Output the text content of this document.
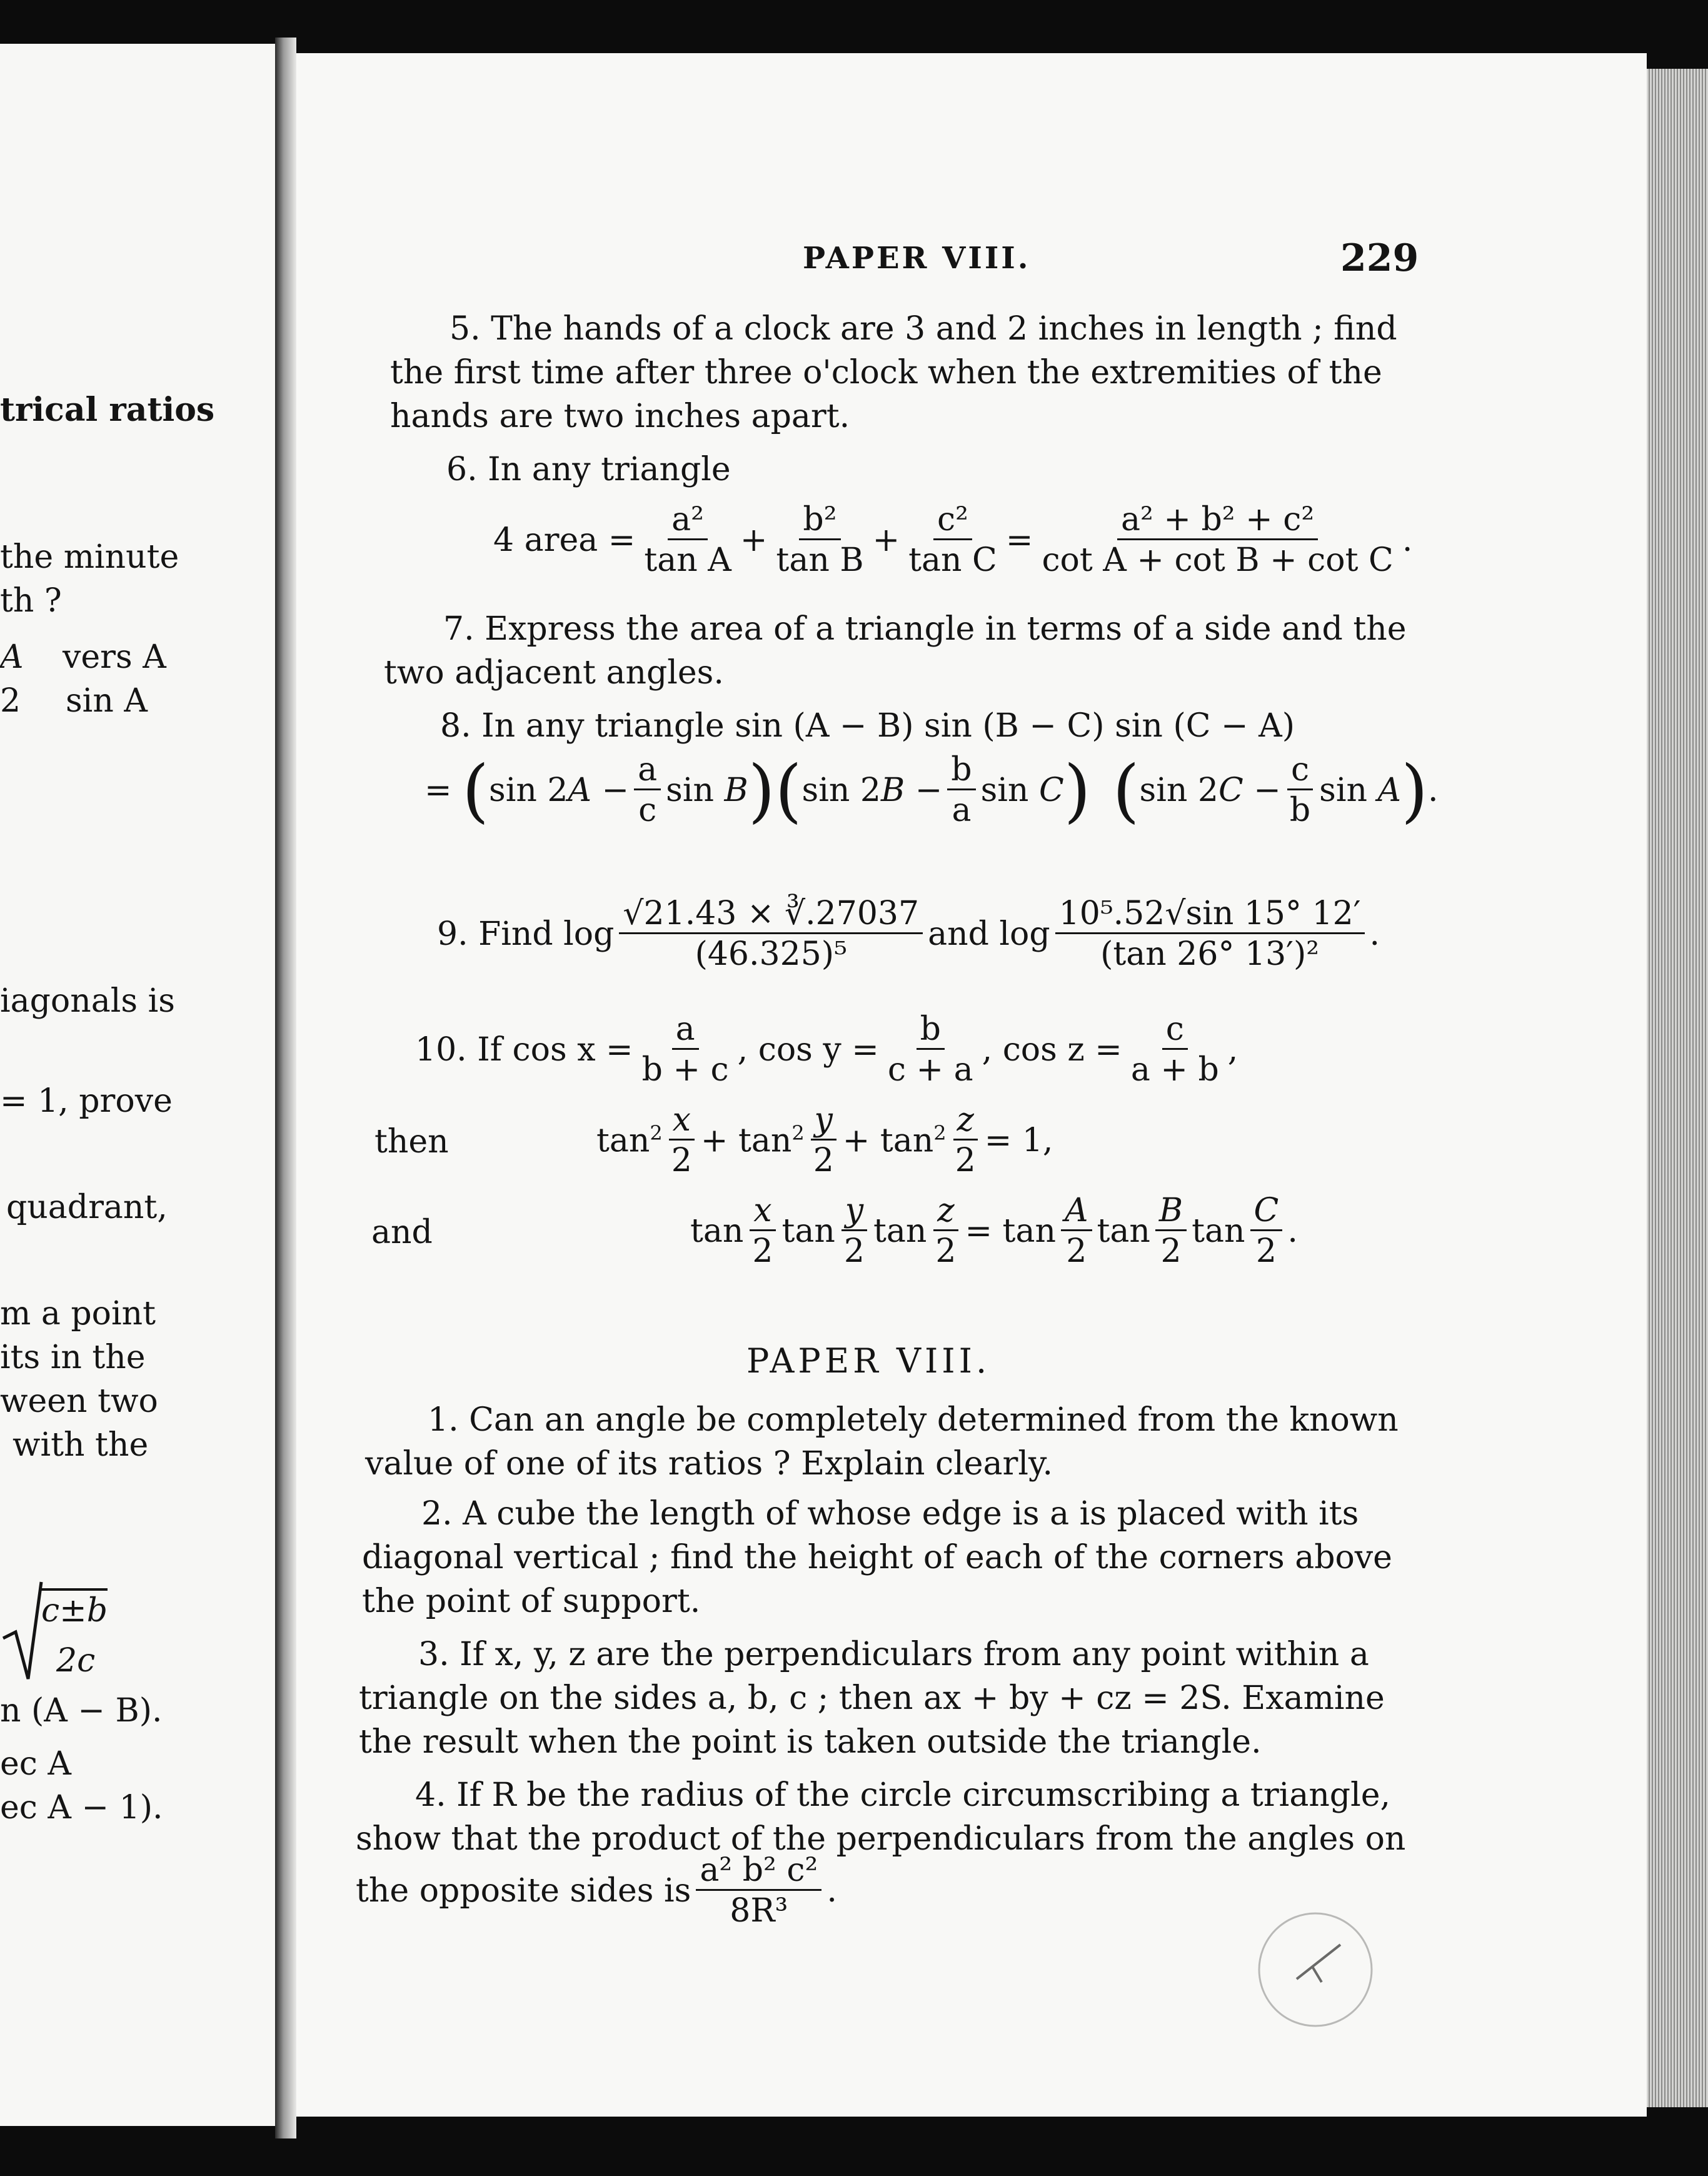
trical ratios
the minute
th ?
A vers A
2 sin A
iagonals is
= 1, prove
quadrant,
m a point
its in the
ween two
with the
c±b
2c
n (A − B).
ec A
ec A − 1).
PAPER VIII.	229
5. The hands of a clock are 3 and 2 inches in length ; find
the first time after three o'clock when the extremities of the
hands are two inches apart.
6. In any triangle
4 area = $\frac{\text{a²}}{\text{tan A}} + \frac{\text{b²}}{\text{tan B}} + \frac{\text{c²}}{\text{tan C}} = \frac{\text{a² + b² + c²}}{\text{cot A + cot B + cot C}}$ .
7. Express the area of a triangle in terms of a side and the
two adjacent angles.
8. In any triangle sin (A − B) sin (B − C) sin (C − A)
= ( $\sin 2A - \frac{a}{c}$ sin B )( $\sin 2B - \frac{b}{a}$ sin C ) ( $\sin 2C - \frac{c}{b}$ sin A ) .
9. Find $\log \frac{√21.43 \times ∛.27037}{\text{(46.325)⁵}}$ and $\log \frac{\text{10⁵.52√sin 15° 12′}}{\text{(tan 26° 13′)²}}$ .
10. If $\cos x = \frac{a}{b + c}$ , $\cos y = \frac{b}{c + a}$ , $\cos z = \frac{c}{a + b}$ ,
then	$\tan^2 \frac{x}{2} + \tan^2 \frac{y}{2} + \tan^2 \frac{z}{2} = 1$,
and	$\tan \frac{x}{2}$ $\tan \frac{y}{2}$ $\tan \frac{z}{2} = \tan \frac{A}{2}$ $\tan \frac{B}{2}$ $\tan \frac{C}{2}$ .
PAPER VIII.
1. Can an angle be completely determined from the known
value of one of its ratios ? Explain clearly.
2. A cube the length of whose edge is a is placed with its
diagonal vertical ; find the height of each of the corners above
the point of support.
3. If x, y, z are the perpendiculars from any point within a
triangle on the sides a, b, c ; then ax + by + cz = 2S. Examine
the result when the point is taken outside the triangle.
4. If R be the radius of the circle circumscribing a triangle,
show that the product of the perpendiculars from the angles on
the opposite sides is $\frac{\text{a² b² c²}}{\text{8R³}}$ .
